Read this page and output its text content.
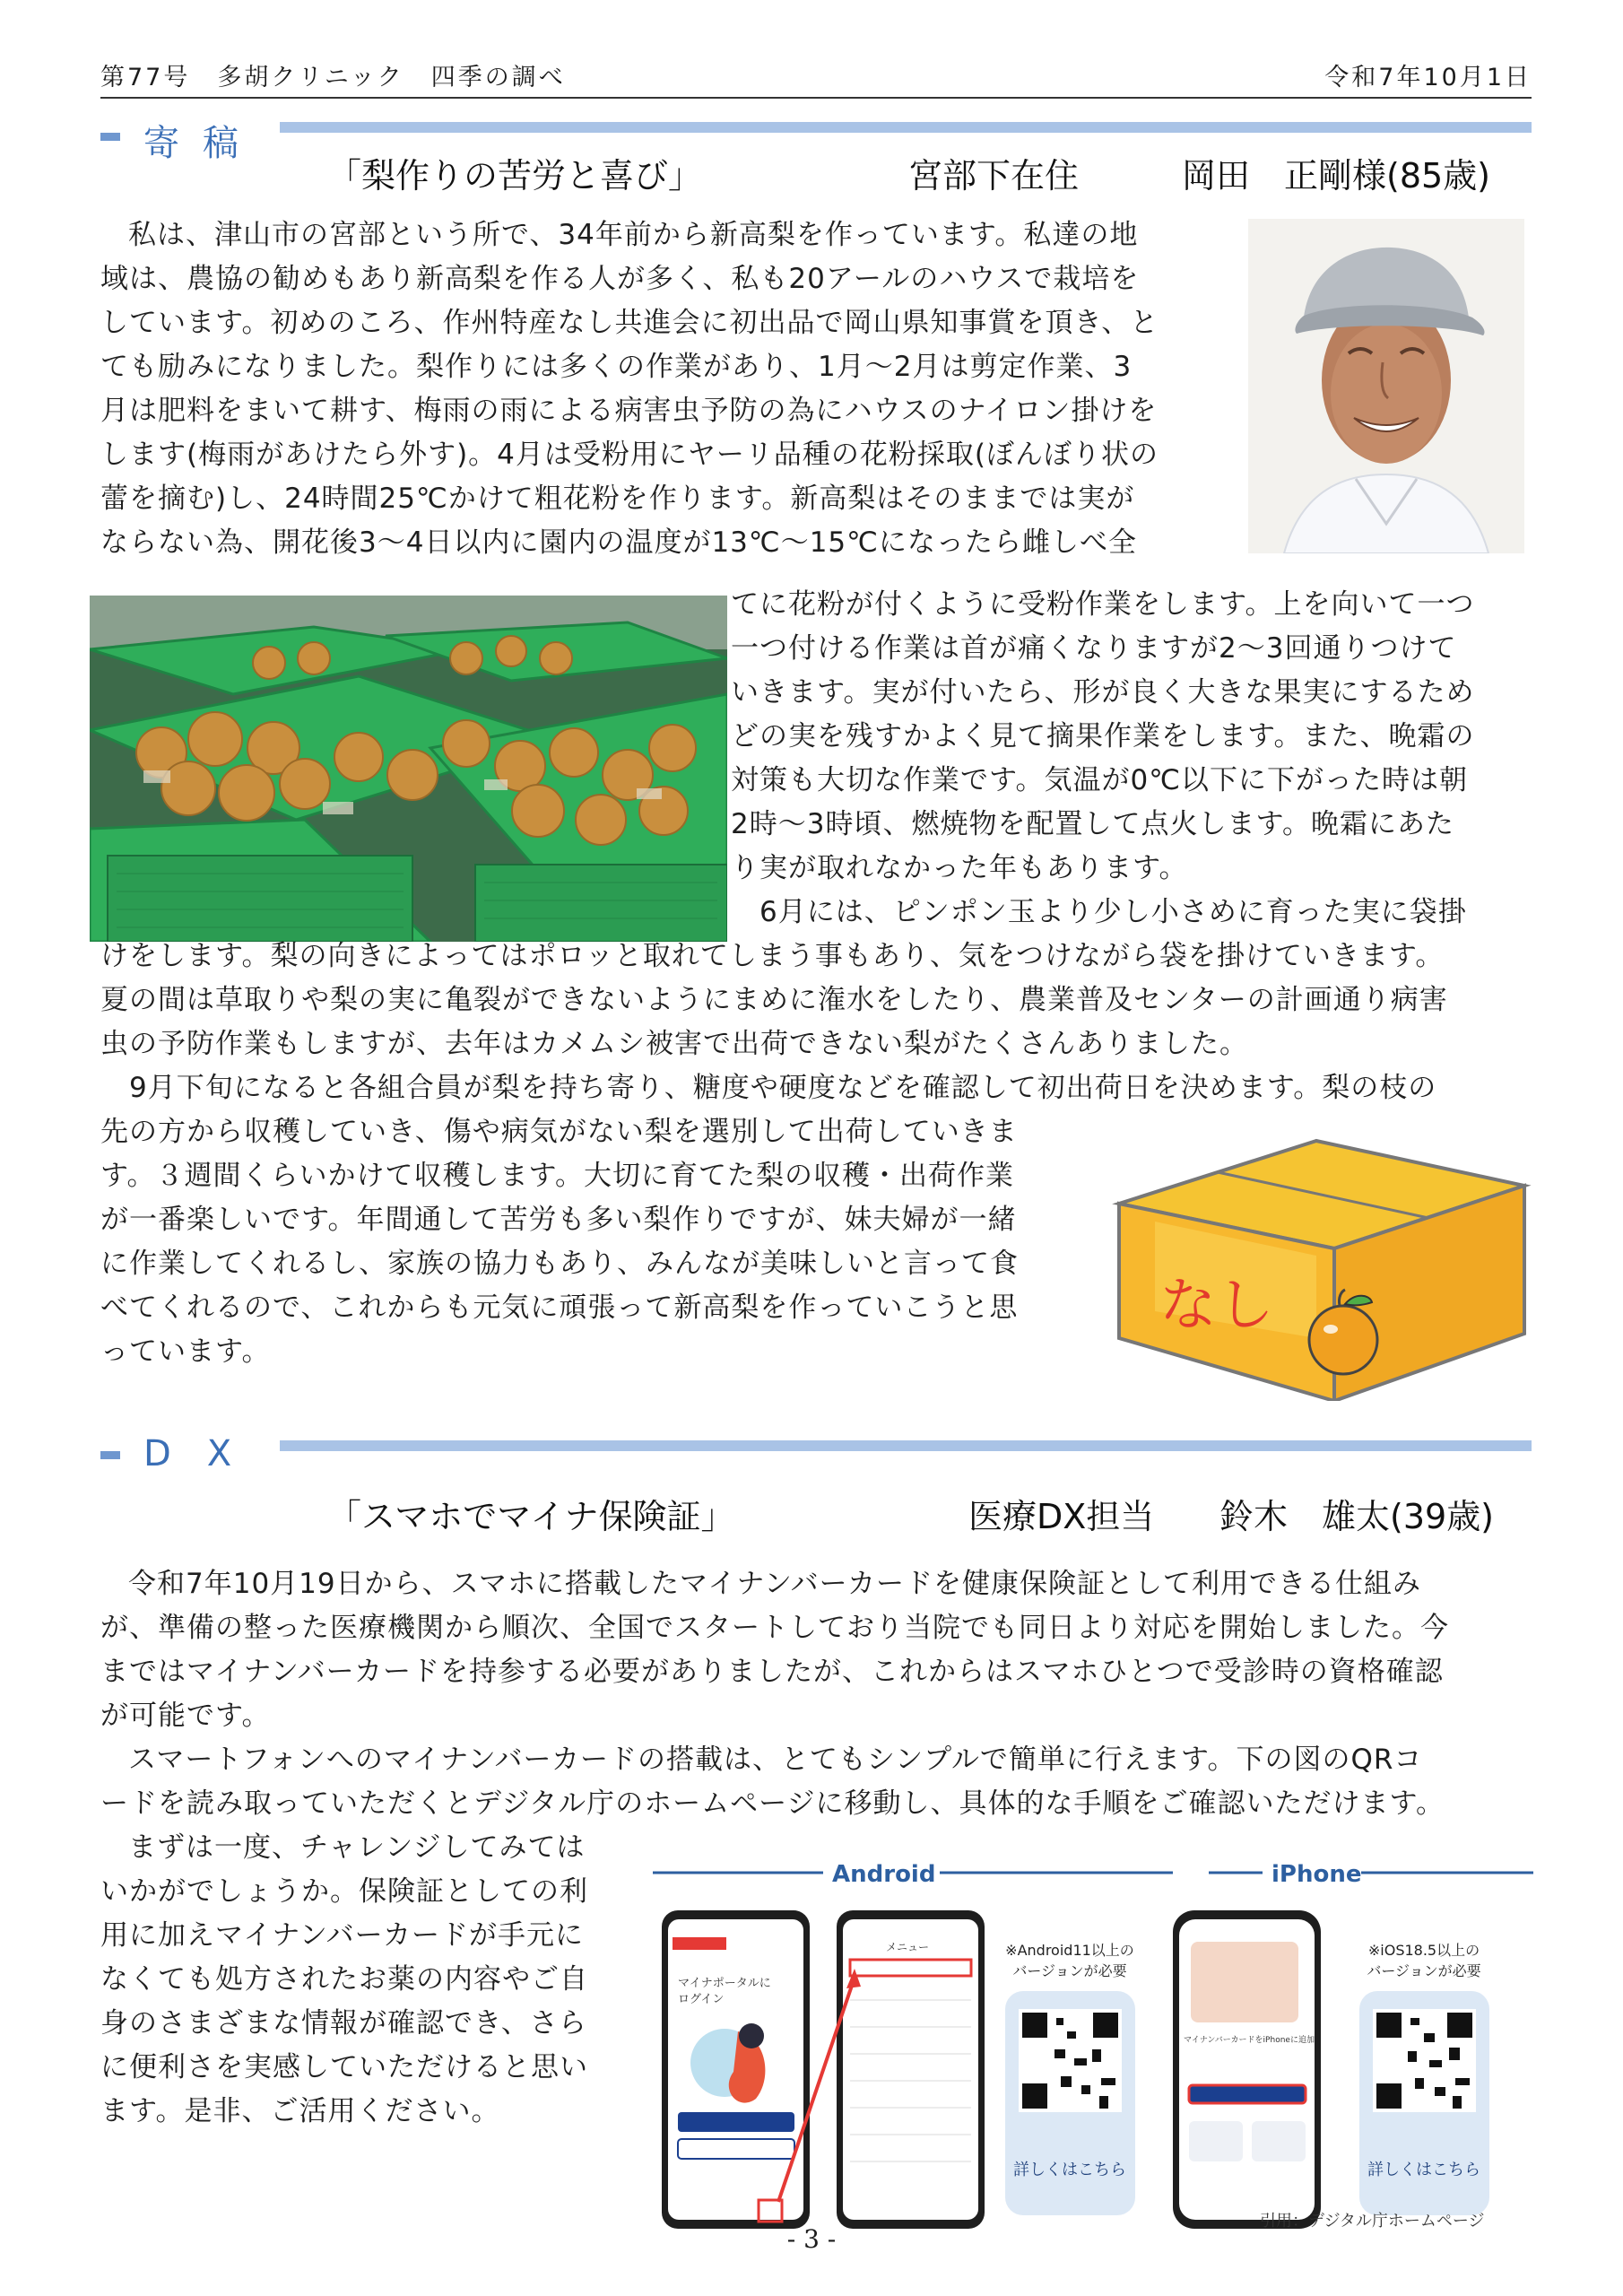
第77号　多胡クリニック　四季の調べ	令和7年10月1日
寄稿
「梨作りの苦労と喜び」	宮部下在住	岡田　正剛様(85歳)
私は、津山市の宮部という所で、34年前から新高梨を作っています。私達の地
域は、農協の勧めもあり新高梨を作る人が多く、私も20アールのハウスで栽培を
しています。初めのころ、作州特産なし共進会に初出品で岡山県知事賞を頂き、と
ても励みになりました。梨作りには多くの作業があり、1月〜2月は剪定作業、3
月は肥料をまいて耕す、梅雨の雨による病害虫予防の為にハウスのナイロン掛けを
します(梅雨があけたら外す)。4月は受粉用にヤーリ品種の花粉採取(ぼんぼり状の
蕾を摘む)し、24時間25℃かけて粗花粉を作ります。新高梨はそのままでは実が
ならない為、開花後3〜4日以内に園内の温度が13℃〜15℃になったら雌しべ全
てに花粉が付くように受粉作業をします。上を向いて一つ
一つ付ける作業は首が痛くなりますが2〜3回通りつけて
いきます。実が付いたら、形が良く大きな果実にするため
どの実を残すかよく見て摘果作業をします。また、晩霜の
対策も大切な作業です。気温が0℃以下に下がった時は朝
2時〜3時頃、燃焼物を配置して点火します。晩霜にあた
り実が取れなかった年もあります。
　6月には、ピンポン玉より少し小さめに育った実に袋掛
けをします。梨の向きによってはポロッと取れてしまう事もあり、気をつけながら袋を掛けていきます。
夏の間は草取りや梨の実に亀裂ができないようにまめに潅水をしたり、農業普及センターの計画通り病害
虫の予防作業もしますが、去年はカメムシ被害で出荷できない梨がたくさんありました。
　9月下旬になると各組合員が梨を持ち寄り、糖度や硬度などを確認して初出荷日を決めます。梨の枝の
先の方から収穫していき、傷や病気がない梨を選別して出荷していきま
す。３週間くらいかけて収穫します。大切に育てた梨の収穫・出荷作業
が一番楽しいです。年間通して苦労も多い梨作りですが、妹夫婦が一緒
に作業してくれるし、家族の協力もあり、みんなが美味しいと言って食
べてくれるので、これからも元気に頑張って新高梨を作っていこうと思
っています。
なし
DX
「スマホでマイナ保険証」	医療DX担当 鈴木　雄太(39歳)
令和7年10月19日から、スマホに搭載したマイナンバーカードを健康保険証として利用できる仕組み
が、準備の整った医療機関から順次、全国でスタートしており当院でも同日より対応を開始しました。今
まではマイナンバーカードを持参する必要がありましたが、これからはスマホひとつで受診時の資格確認
が可能です。
スマートフォンへのマイナンバーカードの搭載は、とてもシンプルで簡単に行えます。下の図のQRコ
ードを読み取っていただくとデジタル庁のホームページに移動し、具体的な手順をご確認いただけます。
まずは一度、チャレンジしてみては
いかがでしょうか。保険証としての利
用に加えマイナンバーカードが手元に
なくても処方されたお薬の内容やご自
身のさまざまな情報が確認でき、さら
に便利さを実感していただけると思い
ます。是非、ご活用ください。
Android	iPhone
マイナポータルに
ログイン
メニュー	※Android11以上の
バージョンが必要
詳しくはこちら
マイナンバーカードをiPhoneに追加
※iOS18.5以上の
バージョンが必要
詳しくはこちら
引用：デジタル庁ホームページ
- 3 -
